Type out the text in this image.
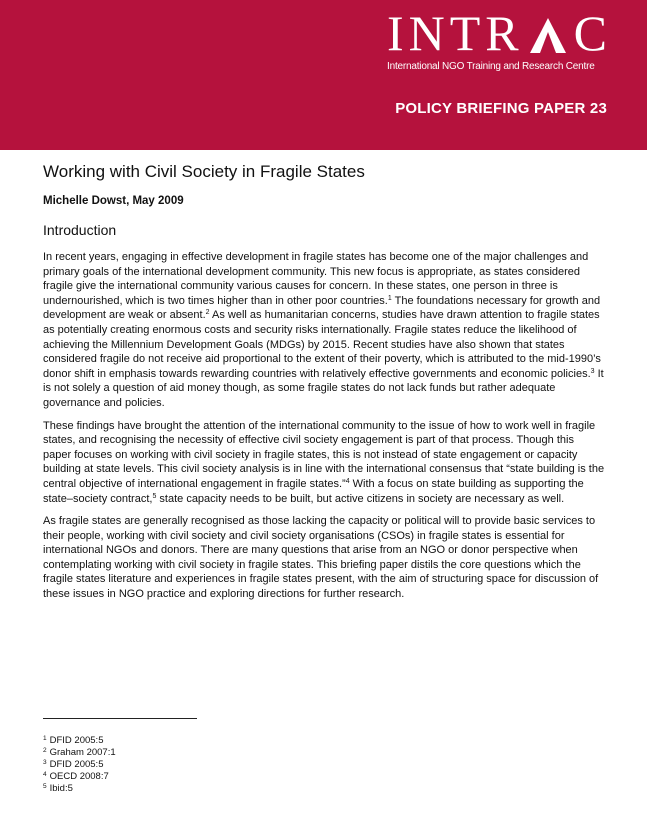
INTR C
International NGO Training and Research Centre
POLICY BRIEFING PAPER 23
Working with Civil Society in Fragile States
Michelle Dowst, May 2009
Introduction

In recent years, engaging in effective development in fragile states has become one of the major challenges and primary goals of the international development community. This new focus is appropriate, as states considered fragile give the international community various causes for concern. In these states, one person in three is undernourished, which is two times higher than in other poor countries.$^1$ The foundations necessary for growth and development are weak or absent.$^2$ As well as humanitarian concerns, studies have drawn attention to fragile states as potentially creating enormous costs and security risks internationally. Fragile states reduce the likelihood of achieving the Millennium Development Goals (MDGs) by 2015. Recent studies have also shown that states considered fragile do not receive aid proportional to the extent of their poverty, which is attributed to the mid-1990’s donor shift in emphasis towards rewarding countries with relatively effective governments and economic policies.$^3$ It is not solely a question of aid money though, as some fragile states do not lack funds but rather adequate governance and policies.

These findings have brought the attention of the international community to the issue of how to work well in fragile states, and recognising the necessity of effective civil society engagement is part of that process. Though this paper focuses on working with civil society in fragile states, this is not instead of state engagement or capacity building at state levels. This civil society analysis is in line with the international consensus that “state building is the central objective of international engagement in fragile states.”$^4$ With a focus on state building as supporting the state–society contract,$^5$ state capacity needs to be built, but active citizens in society are necessary as well.

As fragile states are generally recognised as those lacking the capacity or political will to provide basic services to their people, working with civil society and civil society organisations (CSOs) in fragile states is essential for international NGOs and donors. There are many questions that arise from an NGO or donor perspective when contemplating working with civil society in fragile states. This briefing paper distils the core questions which the fragile states literature and experiences in fragile states present, with the aim of structuring space for discussion of these issues in NGO practice and exploring directions for further research.

$^1$ DFID 2005:5
$^2$ Graham 2007:1
$^3$ DFID 2005:5
$^4$ OECD 2008:7
$^5$ Ibid:5
